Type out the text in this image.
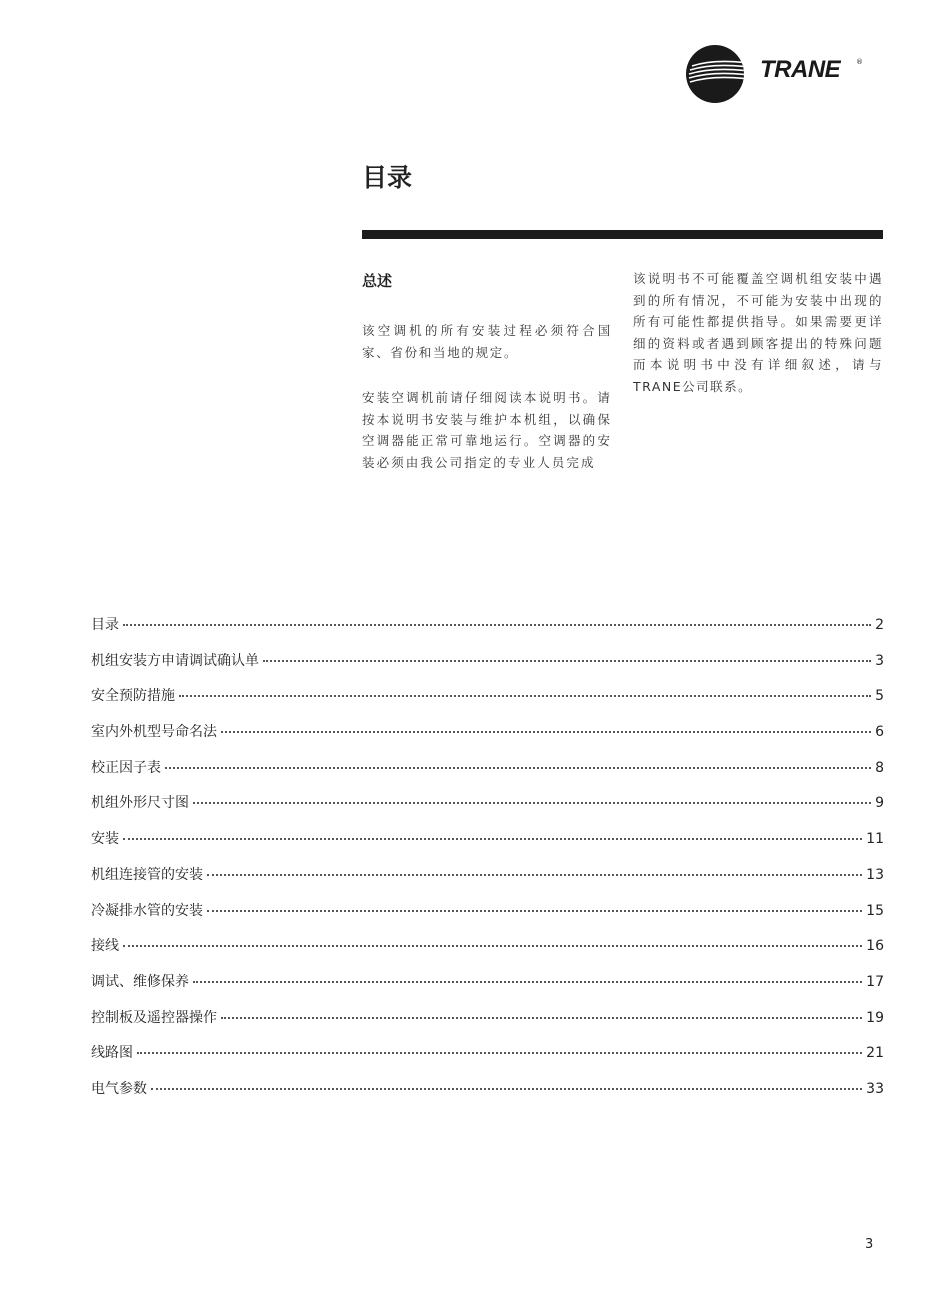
TRANE ®
目录
总述
该空调机的所有安装过程必须符合国家、省份和当地的规定。
安装空调机前请仔细阅读本说明书。请按本说明书安装与维护本机组，以确保空调器能正常可靠地运行。空调器的安装必须由我公司指定的专业人员完成
该说明书不可能覆盖空调机组安装中遇到的所有情况，不可能为安装中出现的所有可能性都提供指导。如果需要更详细的资料或者遇到顾客提出的特殊问题而本说明书中没有详细叙述，请与TRANE公司联系。
目录	2
机组安装方申请调试确认单	3
安全预防措施	5
室内外机型号命名法	6
校正因子表	8
机组外形尺寸图	9
安装	11
机组连接管的安装	13
冷凝排水管的安装	15
接线	16
调试、维修保养	17
控制板及遥控器操作	19
线路图	21
电气参数	33
3
